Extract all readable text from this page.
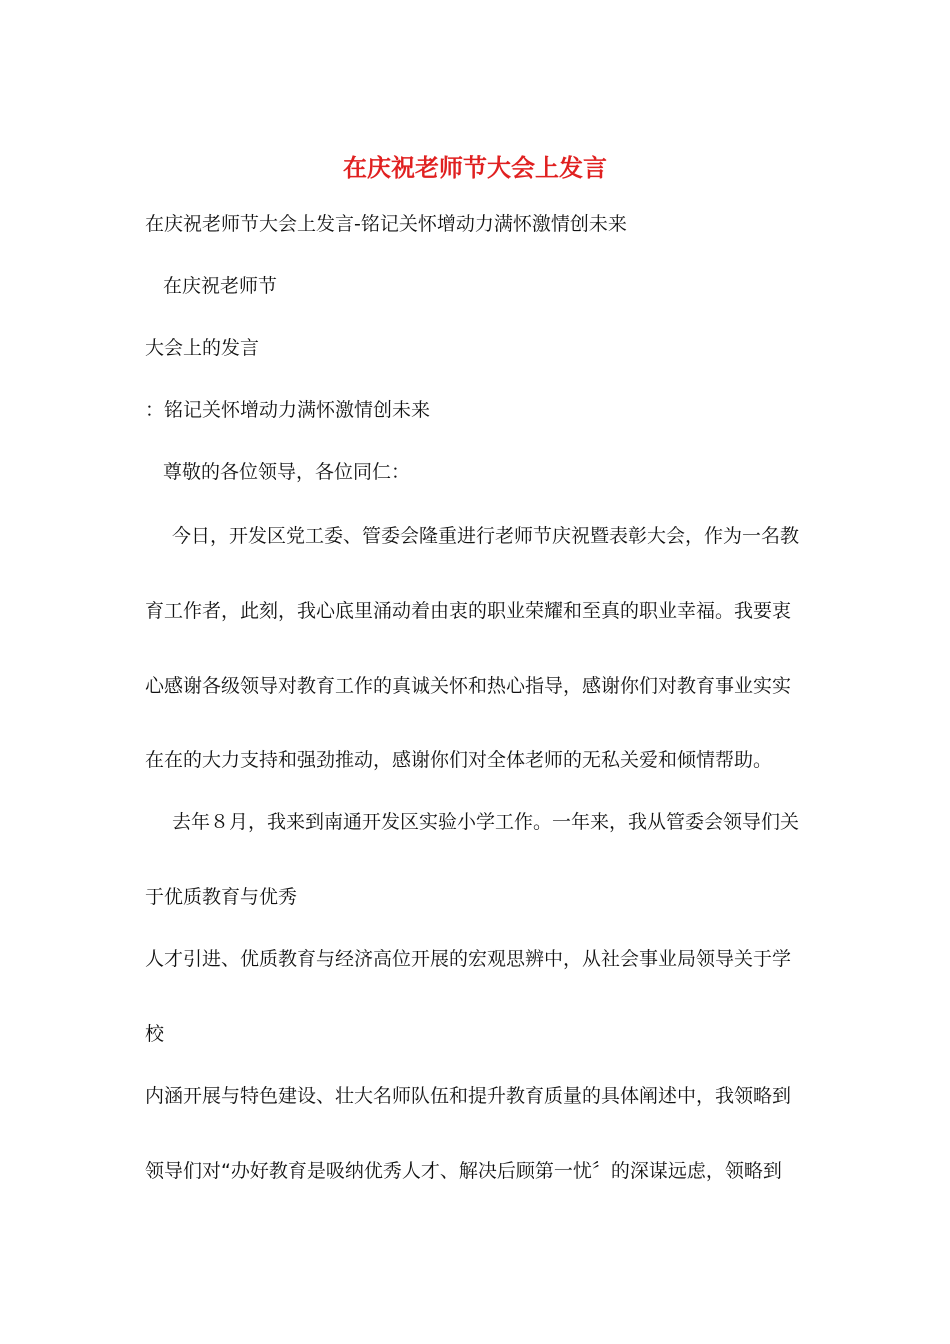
在庆祝老师节大会上发言
在庆祝老师节大会上发言-铭记关怀增动力满怀激情创未来
在庆祝老师节
大会上的发言
：铭记关怀增动力满怀激情创未来
尊敬的各位领导，各位同仁：
今日，开发区党工委、管委会隆重进行老师节庆祝暨表彰大会，作为一名教
育工作者，此刻，我心底里涌动着由衷的职业荣耀和至真的职业幸福。我要衷
心感谢各级领导对教育工作的真诚关怀和热心指导，感谢你们对教育事业实实
在在的大力支持和强劲推动，感谢你们对全体老师的无私关爱和倾情帮助。
去年８月，我来到南通开发区实验小学工作。一年来，我从管委会领导们关
于优质教育与优秀
人才引进、优质教育与经济高位开展的宏观思辨中，从社会事业局领导关于学
校
内涵开展与特色建设、壮大名师队伍和提升教育质量的具体阐述中，我领略到
领导们对“办好教育是吸纳优秀人才、解决后顾第一忧〞的深谋远虑，领略到
